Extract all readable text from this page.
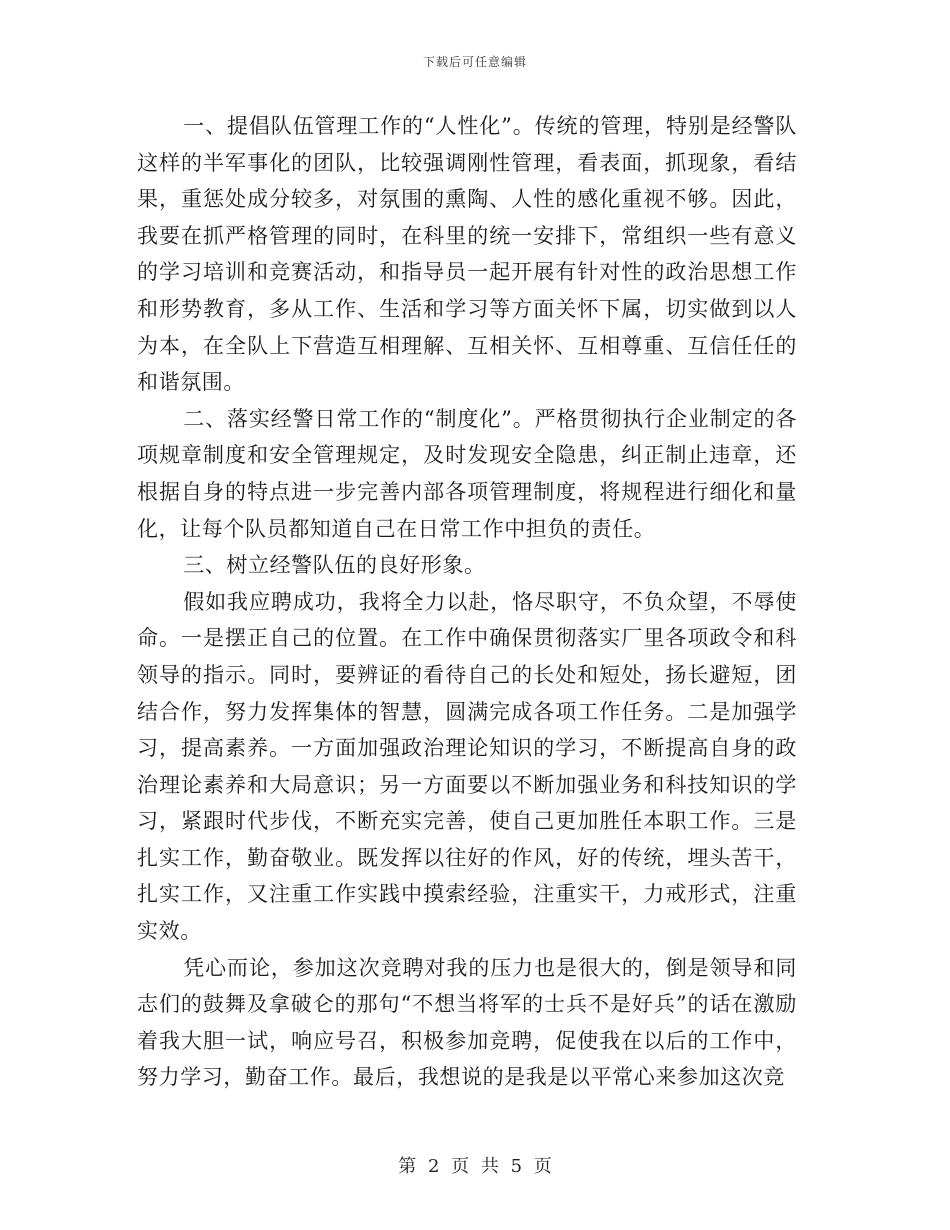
下载后可任意编辑

一、提倡队伍管理工作的“人性化”。传统的管理，特别是经警队这样的半军事化的团队，比较强调刚性管理，看表面，抓现象，看结果，重惩处成分较多，对氛围的熏陶、人性的感化重视不够。因此，我要在抓严格管理的同时，在科里的统一安排下，常组织一些有意义的学习培训和竞赛活动，和指导员一起开展有针对性的政治思想工作和形势教育，多从工作、生活和学习等方面关怀下属，切实做到以人为本，在全队上下营造互相理解、互相关怀、互相尊重、互信任任的和谐氛围。

二、落实经警日常工作的“制度化”。严格贯彻执行企业制定的各项规章制度和安全管理规定，及时发现安全隐患，纠正制止违章，还根据自身的特点进一步完善内部各项管理制度，将规程进行细化和量化，让每个队员都知道自己在日常工作中担负的责任。

三、树立经警队伍的良好形象。

假如我应聘成功，我将全力以赴，恪尽职守，不负众望，不辱使命。一是摆正自己的位置。在工作中确保贯彻落实厂里各项政令和科领导的指示。同时，要辨证的看待自己的长处和短处，扬长避短，团结合作，努力发挥集体的智慧，圆满完成各项工作任务。二是加强学习，提高素养。一方面加强政治理论知识的学习，不断提高自身的政治理论素养和大局意识；另一方面要以不断加强业务和科技知识的学习，紧跟时代步伐，不断充实完善，使自己更加胜任本职工作。三是扎实工作，勤奋敬业。既发挥以往好的作风，好的传统，埋头苦干，扎实工作，又注重工作实践中摸索经验，注重实干，力戒形式，注重实效。

凭心而论，参加这次竞聘对我的压力也是很大的，倒是领导和同志们的鼓舞及拿破仑的那句“不想当将军的士兵不是好兵”的话在激励着我大胆一试，响应号召，积极参加竞聘，促使我在以后的工作中，努力学习，勤奋工作。最后，我想说的是我是以平常心来参加这次竞

第 2 页 共 5 页
